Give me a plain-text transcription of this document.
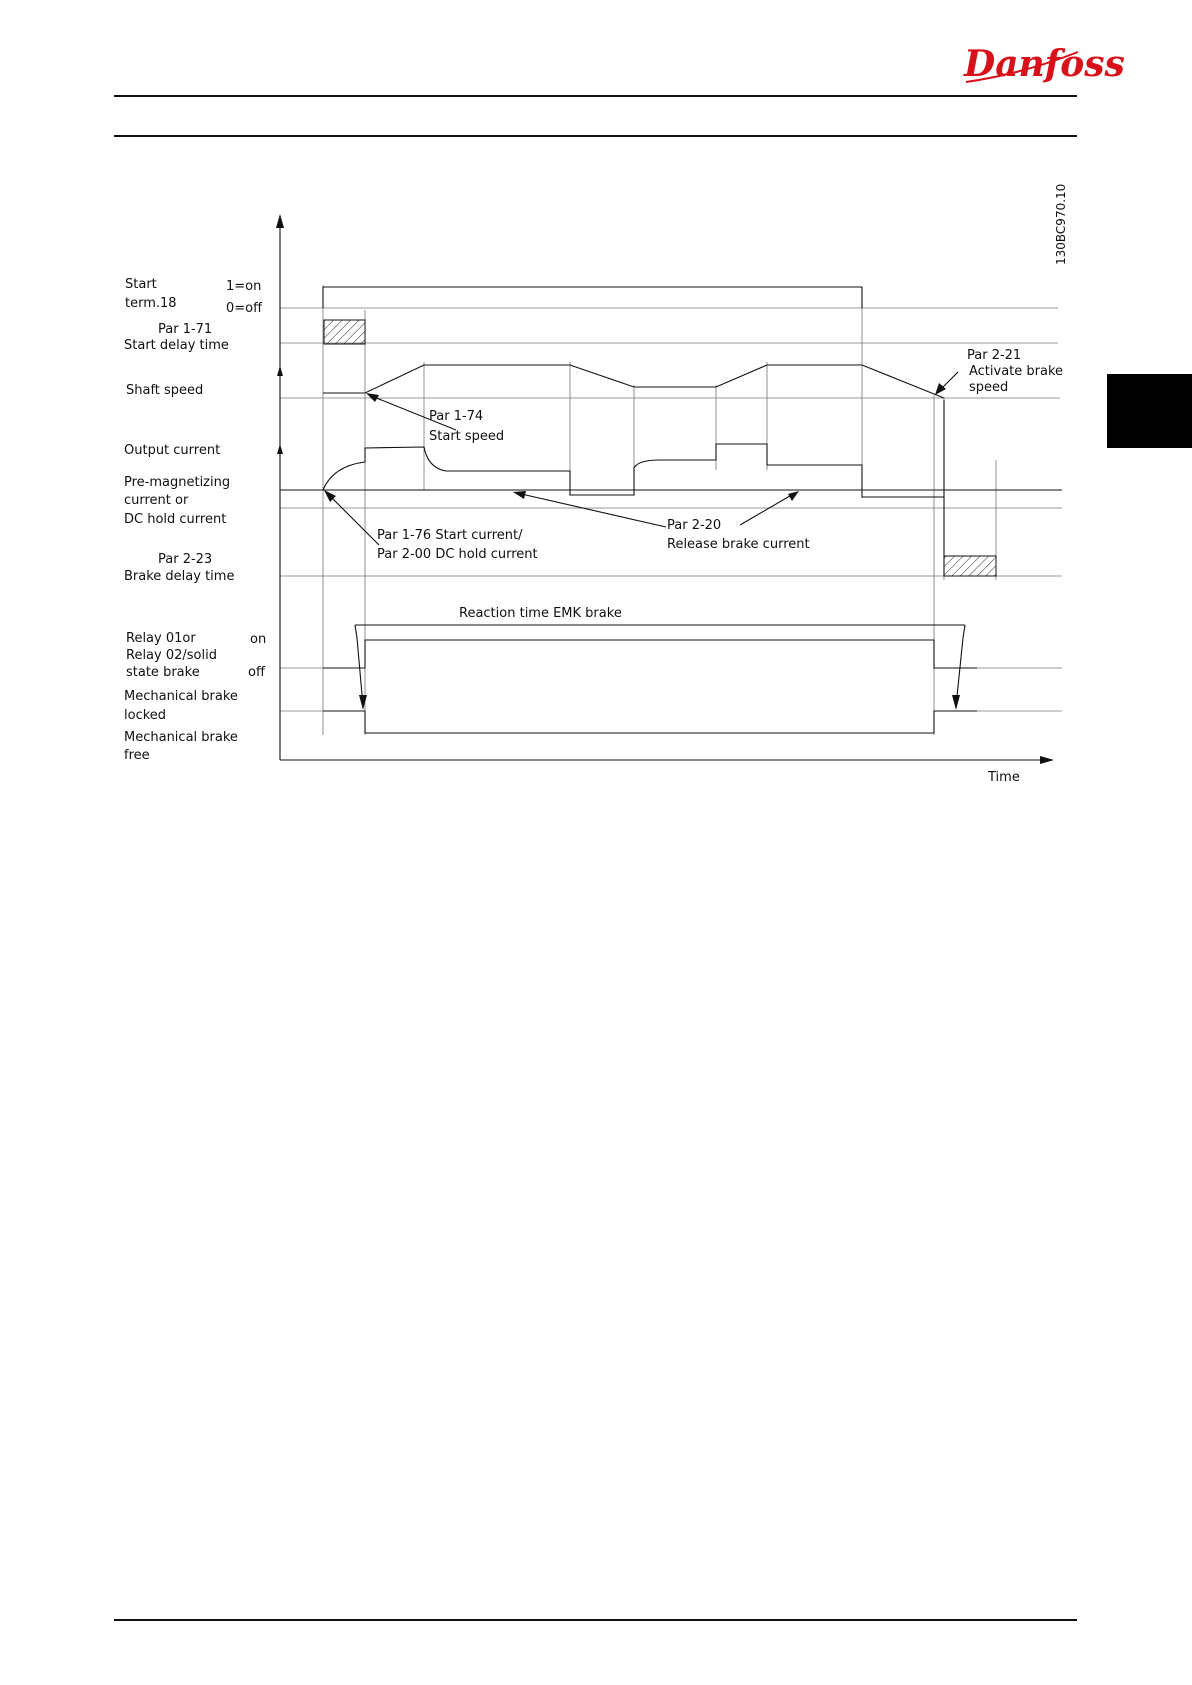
Danfoss
Start
term.18
1=on
0=off
Par 1-71
Start delay time
Shaft speed
Output current
Pre-magnetizing
current or
DC hold current
Par 2-23
Brake delay time
Relay 01or
Relay 02/solid
state brake
on
off
Mechanical brake
locked
Mechanical brake
free
Par 1-74
Start speed
Par 1-76 Start current/
Par 2-00 DC hold current
Par 2-20
Release brake current
Par 2-21
Activate brake
speed
Reaction time EMK brake
Time
130BC970.10
